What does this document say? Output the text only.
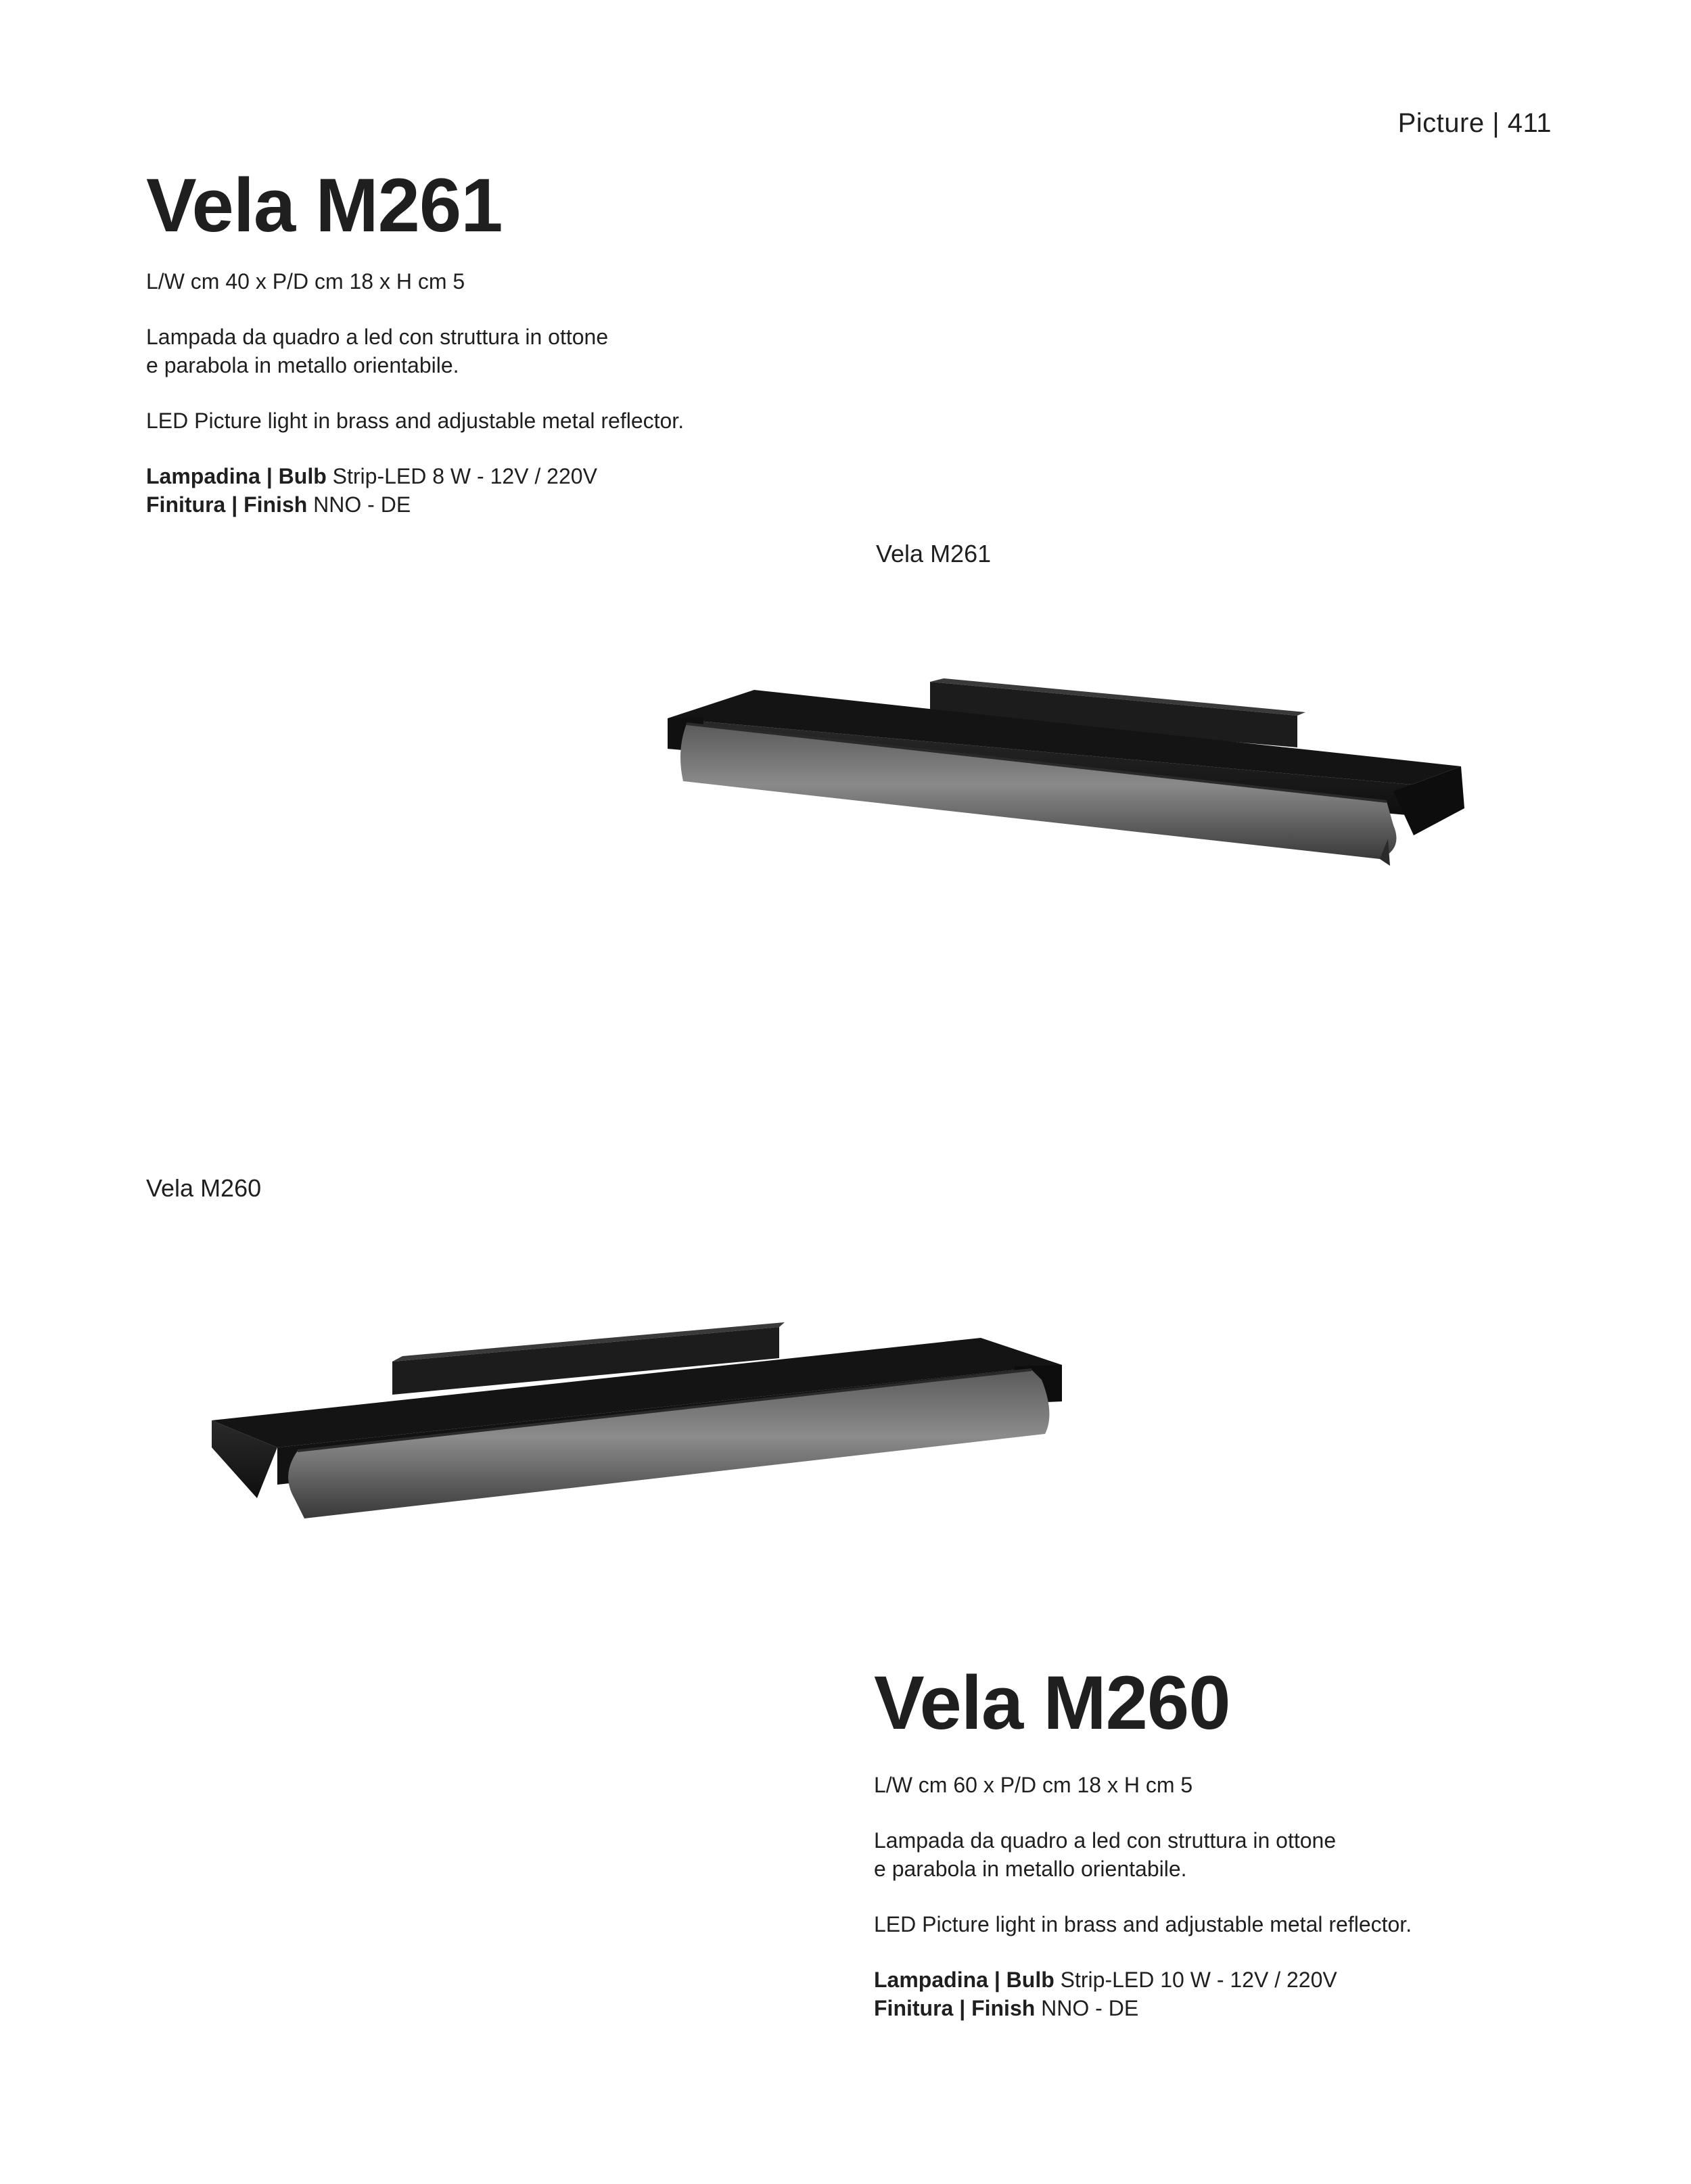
Picture | 411
Vela M261

L/W cm 40 x P/D cm 18 x H cm 5

Lampada da quadro a led con struttura in ottone

e parabola in metallo orientabile.

LED Picture light in brass and adjustable metal reflector.

Lampadina | Bulb Strip-LED 8 W - 12V / 220V

Finitura | Finish NNO - DE

Vela M261
Vela M260
Vela M260

L/W cm 60 x P/D cm 18 x H cm 5

Lampada da quadro a led con struttura in ottone

e parabola in metallo orientabile.

LED Picture light in brass and adjustable metal reflector.

Lampadina | Bulb Strip-LED 10 W - 12V / 220V

Finitura | Finish NNO - DE
